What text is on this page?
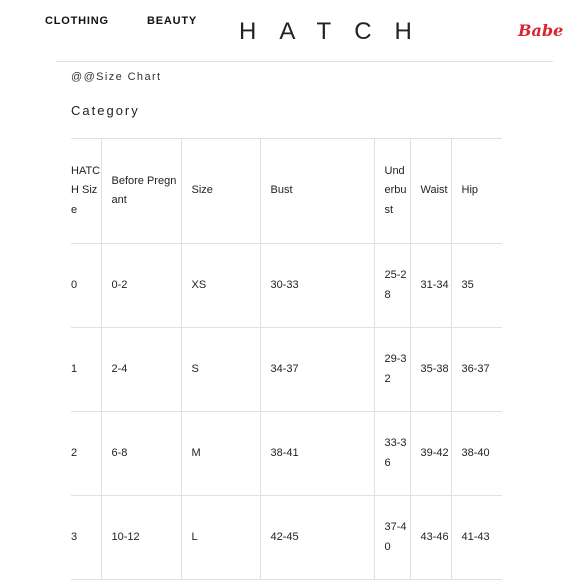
CLOTHING	BEAUTY HATCH	Babe
@@Size Chart
Category
HATCH Size	Before Pregnant	Size	Bust	Underbust	Waist	Hip
0	0-2	XS	30-33	25-28	31-34	35
1	2-4	S	34-37	29-32	35-38	36-37
2	6-8	M	38-41	33-36	39-42	38-40
3	10-12	L	42-45	37-40	43-46	41-43
